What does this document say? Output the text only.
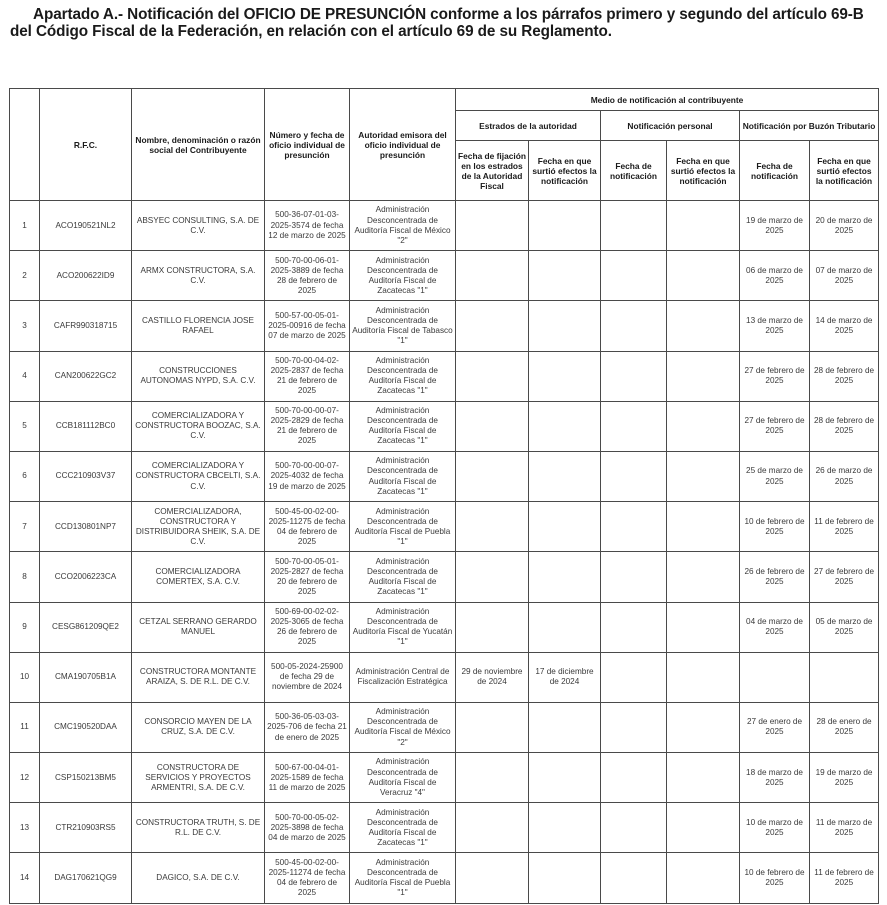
Apartado A.- Notificación del OFICIO DE PRESUNCIÓN conforme a los párrafos primero y segundo del artículo 69-B
del Código Fiscal de la Federación, en relación con el artículo 69 de su Reglamento.
	R.F.C.	Nombre, denominación o razón social del Contribuyente	Número y fecha de oficio individual de presunción	Autoridad emisora del oficio individual de presunción	Medio de notificación al contribuyente					
					Estrados de la autoridad		Notificación personal		Notificación por Buzón Tributario	
					Fecha de fijación en los estrados de la Autoridad Fiscal	Fecha en que surtió efectos la notificación	Fecha de notificación	Fecha en que surtió efectos la notificación	Fecha de notificación	Fecha en que surtió efectos la notificación
1	ACO190521NL2	ABSYEC CONSULTING, S.A. DE C.V.	500-36-07-01-03-2025-3574 de fecha 12 de marzo de 2025	Administración Desconcentrada de Auditoría Fiscal de México "2"					19 de marzo de 2025	20 de marzo de 2025
2	ACO200622ID9	ARMX CONSTRUCTORA, S.A. C.V.	500-70-00-06-01-2025-3889 de fecha 28 de febrero de 2025	Administración Desconcentrada de Auditoría Fiscal de Zacatecas "1"					06 de marzo de 2025	07 de marzo de 2025
3	CAFR990318715	CASTILLO FLORENCIA JOSE RAFAEL	500-57-00-05-01-2025-00916 de fecha 07 de marzo de 2025	Administración Desconcentrada de Auditoría Fiscal de Tabasco "1"					13 de marzo de 2025	14 de marzo de 2025
4	CAN200622GC2	CONSTRUCCIONES AUTONOMAS NYPD, S.A. C.V.	500-70-00-04-02-2025-2837 de fecha 21 de febrero de 2025	Administración Desconcentrada de Auditoría Fiscal de Zacatecas "1"					27 de febrero de 2025	28 de febrero de 2025
5	CCB181112BC0	COMERCIALIZADORA Y CONSTRUCTORA BOOZAC, S.A. C.V.	500-70-00-00-07-2025-2829 de fecha 21 de febrero de 2025	Administración Desconcentrada de Auditoría Fiscal de Zacatecas "1"					27 de febrero de 2025	28 de febrero de 2025
6	CCC210903V37	COMERCIALIZADORA Y CONSTRUCTORA CBCELTI, S.A. C.V.	500-70-00-00-07-2025-4032 de fecha 19 de marzo de 2025	Administración Desconcentrada de Auditoría Fiscal de Zacatecas "1"					25 de marzo de 2025	26 de marzo de 2025
7	CCD130801NP7	COMERCIALIZADORA, CONSTRUCTORA Y DISTRIBUIDORA SHEIK, S.A. DE C.V.	500-45-00-02-00-2025-11275 de fecha 04 de febrero de 2025	Administración Desconcentrada de Auditoría Fiscal de Puebla "1"					10 de febrero de 2025	11 de febrero de 2025
8	CCO2006223CA	COMERCIALIZADORA COMERTEX, S.A. C.V.	500-70-00-05-01-2025-2827 de fecha 20 de febrero de 2025	Administración Desconcentrada de Auditoría Fiscal de Zacatecas "1"					26 de febrero de 2025	27 de febrero de 2025
9	CESG861209QE2	CETZAL SERRANO GERARDO MANUEL	500-69-00-02-02-2025-3065 de fecha 26 de febrero de 2025	Administración Desconcentrada de Auditoría Fiscal de Yucatán "1"					04 de marzo de 2025	05 de marzo de 2025
10	CMA190705B1A	CONSTRUCTORA MONTANTE ARAIZA, S. DE R.L. DE C.V.	500-05-2024-25900 de fecha 29 de noviembre de 2024	Administración Central de Fiscalización Estratégica	29 de noviembre de 2024	17 de diciembre de 2024				
11	CMC190520DAA	CONSORCIO MAYEN DE LA CRUZ, S.A. DE C.V.	500-36-05-03-03-2025-706 de fecha 21 de enero de 2025	Administración Desconcentrada de Auditoría Fiscal de México "2"					27 de enero de 2025	28 de enero de 2025
12	CSP150213BM5	CONSTRUCTORA DE SERVICIOS Y PROYECTOS ARMENTRI, S.A. DE C.V.	500-67-00-04-01-2025-1589 de fecha 11 de marzo de 2025	Administración Desconcentrada de Auditoría Fiscal de Veracruz "4"					18 de marzo de 2025	19 de marzo de 2025
13	CTR210903RS5	CONSTRUCTORA TRUTH, S. DE R.L. DE C.V.	500-70-00-05-02-2025-3898 de fecha 04 de marzo de 2025	Administración Desconcentrada de Auditoría Fiscal de Zacatecas "1"					10 de marzo de 2025	11 de marzo de 2025
14	DAG170621QG9	DAGICO, S.A. DE C.V.	500-45-00-02-00-2025-11274 de fecha 04 de febrero de 2025	Administración Desconcentrada de Auditoría Fiscal de Puebla "1"					10 de febrero de 2025	11 de febrero de 2025
